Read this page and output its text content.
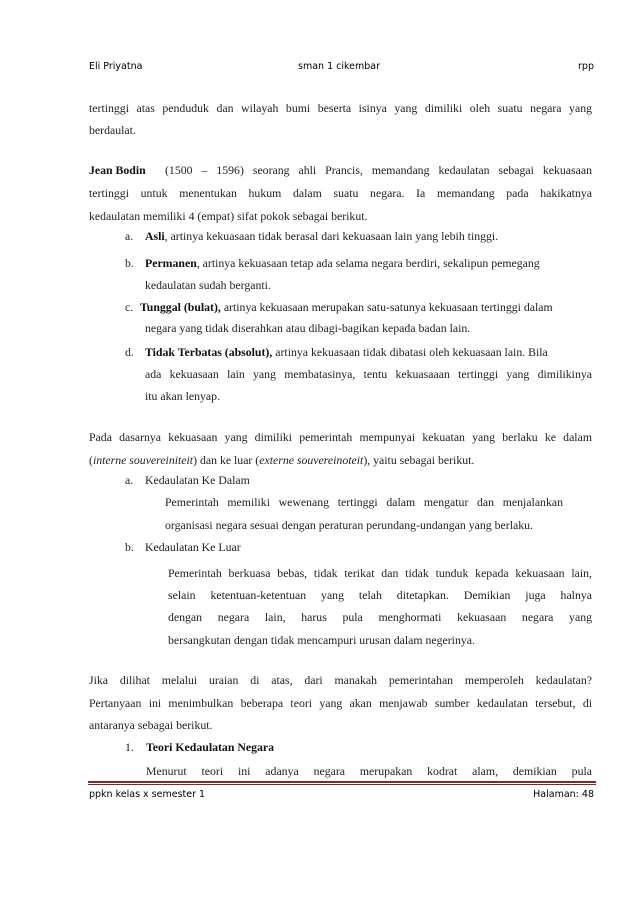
Eli Priyatna	sman 1 cikembar	rpp
tertinggi atas penduduk dan wilayah bumi beserta isinya yang dimiliki oleh suatu negara yang
berdaulat.
Jean Bodin (1500 – 1596) seorang ahli Prancis, memandang kedaulatan sebagai kekuasaan
tertinggi untuk menentukan hukum dalam suatu negara. Ia memandang pada hakikatnya
kedaulatan memiliki 4 (empat) sifat pokok sebagai berikut.
a. Asli, artinya kekuasaan tidak berasal dari kekuasaan lain yang lebih tinggi.
b. Permanen, artinya kekuasaan tetap ada selama negara berdiri, sekalipun pemegang
kedaulatan sudah berganti.
c. Tunggal (bulat), artinya kekuasaan merupakan satu-satunya kekuasaan tertinggi dalam
negara yang tidak diserahkan atau dibagi-bagikan kepada badan lain.
d. Tidak Terbatas (absolut), artinya kekuasaan tidak dibatasi oleh kekuasaan lain. Bila
ada kekuasaan lain yang membatasinya, tentu kekuasaaan tertinggi yang dimilikinya
itu akan lenyap.
Pada dasarnya kekuasaan yang dimiliki pemerintah mempunyai kekuatan yang berlaku ke dalam
(interne souvereiniteit) dan ke luar (externe souvereinoteit), yaitu sebagai berikut.
a. Kedaulatan Ke Dalam
Pemerintah memiliki wewenang tertinggi dalam mengatur dan menjalankan
organisasi negara sesuai dengan peraturan perundang-undangan yang berlaku.
b. Kedaulatan Ke Luar
Pemerintah berkuasa bebas, tidak terikat dan tidak tunduk kepada kekuasaan lain,
selain ketentuan-ketentuan yang telah ditetapkan. Demikian juga halnya
dengan negara lain, harus pula menghormati kekuasaan negara yang
bersangkutan dengan tidak mencampuri urusan dalam negerinya.
Jika dilihat melalui uraian di atas, dari manakah pemerintahan memperoleh kedaulatan?
Pertanyaan ini menimbulkan beberapa teori yang akan menjawab sumber kedaulatan tersebut, di
antaranya sebagai berikut.
1. Teori Kedaulatan Negara
Menurut teori ini adanya negara merupakan kodrat alam, demikian pula
ppkn kelas x semester 1	Halaman: 48
